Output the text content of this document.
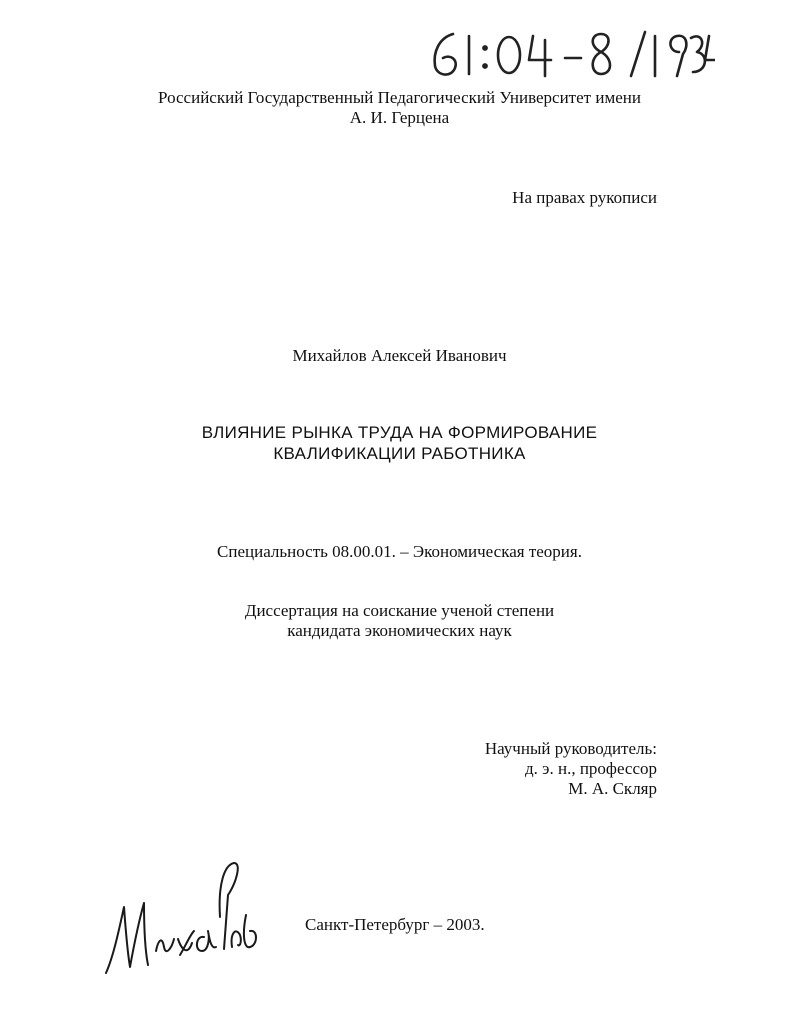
Российский Государственный Педагогический Университет имени
А. И. Герцена
На правах рукописи
Михайлов Алексей Иванович
ВЛИЯНИЕ РЫНКА ТРУДА НА ФОРМИРОВАНИЕ
КВАЛИФИКАЦИИ РАБОТНИКА
Специальность 08.00.01. – Экономическая теория.
Диссертация на соискание ученой степени
кандидата экономических наук
Научный руководитель:
д. э. н., профессор
М. А. Скляр
Санкт-Петербург – 2003.
